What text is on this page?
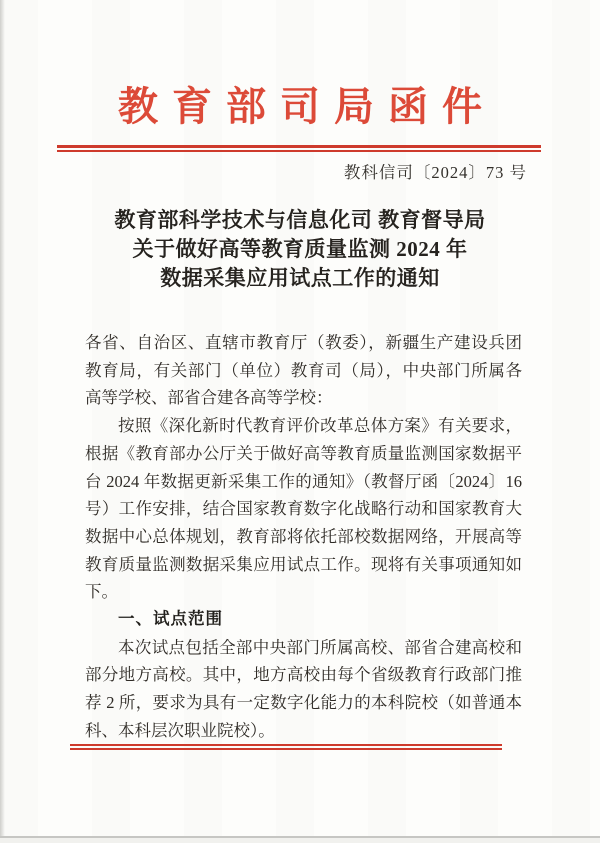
教育部司局函件
教科信司〔2024〕73 号
教育部科学技术与信息化司 教育督导局
关于做好高等教育质量监测 2024 年
数据采集应用试点工作的通知
各省、自治区、直辖市教育厅（教委），新疆生产建设兵团
教育局，有关部门（单位）教育司（局），中央部门所属各
高等学校、部省合建各高等学校：
按照《深化新时代教育评价改革总体方案》有关要求，
根据《教育部办公厅关于做好高等教育质量监测国家数据平
台 2024 年数据更新采集工作的通知》（教督厅函〔2024〕16
号）工作安排，结合国家教育数字化战略行动和国家教育大
数据中心总体规划，教育部将依托部校数据网络，开展高等
教育质量监测数据采集应用试点工作。现将有关事项通知如
下。
一、试点范围
本次试点包括全部中央部门所属高校、部省合建高校和
部分地方高校。其中，地方高校由每个省级教育行政部门推
荐 2 所，要求为具有一定数字化能力的本科院校（如普通本
科、本科层次职业院校）。
